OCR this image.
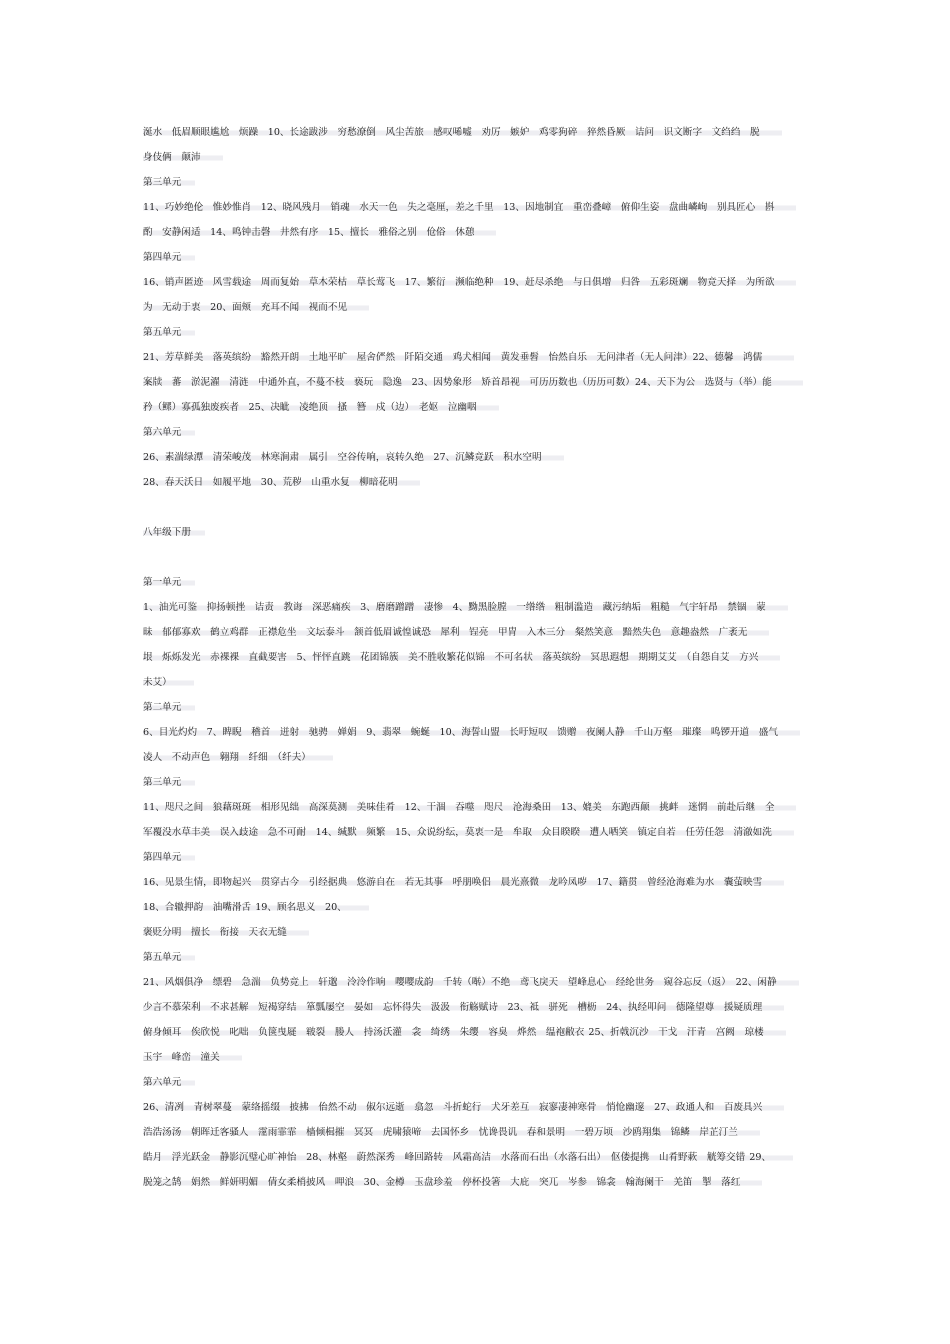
涎水　低眉顺眼尴尬　烦躁　10、长途跋涉　穷愁潦倒　风尘苦旅　感叹唏嘘　劝厉　嫉妒　鸡零狗碎　猝然昏厥　诘问　识文断字　文绉绉　脱
身伎俩　颠沛
第三单元
11、巧妙绝伦　惟妙惟肖　12、晓风残月　销魂　水天一色　失之毫厘，差之千里　13、因地制宜　重峦叠嶂　俯仰生姿　盘曲嶙峋　别具匠心　斟
酌　安静闲适　14、鸣钟击磬　井然有序　15、擅长　雅俗之别　伧俗　休憩
第四单元
16、销声匿迹　风雪载途　周而复始　草木荣枯　草长莺飞　17、繁衍　濒临绝种　19、赶尽杀绝　与日俱增　归咎　五彩斑斓　物竞天择　为所欲
为　无动于衷　20、面颊　充耳不闻　视而不见
第五单元
21、芳草鲜美　落英缤纷　豁然开朗　土地平旷　屋舍俨然　阡陌交通　鸡犬相闻　黄发垂髫　怡然自乐　无问津者（无人问津）22、德馨　鸿儒　
案牍　蕃　淤泥濯　清涟　中通外直，不蔓不枝　亵玩　隐逸　23、因势象形　矫首昂视　可历历数也（历历可数）24、天下为公　选贤与（举）能　
矜（鳏）寡孤独废疾者　25、决眦　凌绝顶　搔　簪　戍（边）　老妪　泣幽咽
第六单元
26、素湍绿潭　清荣峻茂　林寒涧肃　属引　空谷传响，哀转久绝　27、沉鳞竞跃　积水空明
28、春天沃日　如履平地　30、荒秽　山重水复　柳暗花明
八年级下册
第一单元
1、油光可鉴　抑扬顿挫　诘责　教诲　深恶痛疾　3、磨磨蹭蹭　凄惨　4、黝黑脸膛　一绺绺　粗制滥造　藏污纳垢　粗糙　气宇轩昂　禁锢　蒙
昧　郁郁寡欢　鹤立鸡群　正襟危坐　文坛泰斗　颔首低眉诚惶诚恐　犀利　锃亮　甲胄　入木三分　粲然笑意　黯然失色　意趣盎然　广袤无
垠　烁烁发光　赤裸裸　直截要害　5、怦怦直跳　花团锦簇　美不胜收繁花似锦　不可名状　落英缤纷　冥思遐想　期期艾艾　（自怨自艾　方兴
未艾）
第二单元
6、目光灼灼　7、睥睨　稽首　迸射　驰骋　婵娟　9、翡翠　蜿蜒　10、海誓山盟　长吁短叹　馈赠　夜阑人静　千山万壑　璀璨　鸣锣开道　盛气
凌人　不动声色　翱翔　纤细　（纤夫）
第三单元
11、咫尺之间　狼藉斑斑　相形见绌　高深莫测　美味佳肴　12、干涸　吞噬　咫尺　沧海桑田　13、媲美　东跑西颠　挑衅　迷惘　前赴后继　全
军覆没水草丰美　误入歧途　急不可耐　14、缄默　频繁　15、众说纷纭，莫衷一是　牟取　众目睽睽　遭人哂笑　镇定自若　任劳任怨　清澈如洗
第四单元
16、见景生情，即物起兴　贯穿古今　引经据典　悠游自在　若无其事　呼朋唤侣　晨光熹微　龙吟凤哕　17、籍贯　曾经沧海难为水　囊萤映雪
18、合辙押韵　油嘴滑舌 19、顾名思义　20、
褒贬分明　擅长　衔接　天衣无缝
第五单元
21、风烟俱净　缥碧　急湍　负势竞上　轩邈　泠泠作响　嘤嘤成韵　千转（啭）不绝　鸢飞戾天　望峰息心　经纶世务　窥谷忘反（返）　22、闲静
少言不慕荣利　不求甚解　短褐穿结　箪瓢屡空　晏如　忘怀得失　汲汲　衔觞赋诗　23、祗　骈死　槽枥　24、执经叩问　德隆望尊　援疑质理
俯身倾耳　俟欣悦　叱咄　负箧曳屣　皲裂　媵人　持汤沃灌　衾　绮绣　朱缨　容臭　烨然　缊袍敝衣 25、折戟沉沙　干戈　汗青　宫阙　琼楼
玉宇　峰峦　潼关
第六单元
26、清冽　青树翠蔓　蒙络摇缀　披拂　佁然不动　俶尔远逝　翕忽　斗折蛇行　犬牙差互　寂寥凄神寒骨　悄怆幽邃　27、政通人和　百废具兴
浩浩汤汤　朝晖迁客骚人　霪雨霏霏　樯倾楫摧　冥冥　虎啸猿啼　去国怀乡　忧谗畏讥　春和景明　一碧万顷　沙鸥翔集　锦鳞　岸芷汀兰
皓月　浮光跃金　静影沉璧心旷神怡　28、林壑　蔚然深秀　峰回路转　风霜高洁　水落而石出（水落石出）　伛偻提携　山肴野蔌　觥筹交错 29、
脱笼之鹄　娟然　鲜妍明媚　倩女柔梢披风　呷浪　30、金樽　玉盘珍羞　停杯投箸　大庇　突兀　岑参　锦衾　翰海阑干　羌笛　掣　落红
